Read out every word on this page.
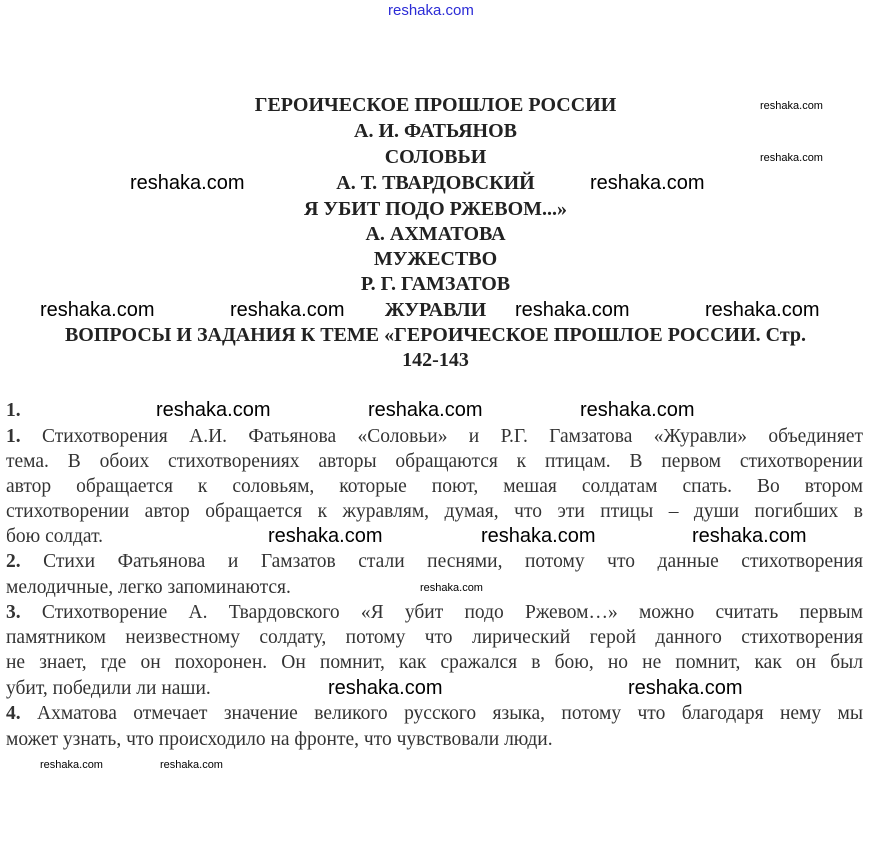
reshaka.com
ГЕРОИЧЕСКОЕ ПРОШЛОЕ РОССИИ
А. И. ФАТЬЯНОВ
СОЛОВЬИ
А. Т. ТВАРДОВСКИЙ
Я УБИТ ПОДО РЖЕВОМ...»
А. АХМАТОВА
МУЖЕСТВО
Р. Г. ГАМЗАТОВ
ЖУРАВЛИ
ВОПРОСЫ И ЗАДАНИЯ К ТЕМЕ «ГЕРОИЧЕСКОЕ ПРОШЛОЕ РОССИИ. Стр.
142-143
1.
1. Стихотворения А.И. Фатьянова «Соловьи» и Р.Г. Гамзатова «Журавли» объединяет
тема. В обоих стихотворениях авторы обращаются к птицам. В первом стихотворении
автор обращается к соловьям, которые поют, мешая солдатам спать. Во втором
стихотворении автор обращается к журавлям, думая, что эти птицы – души погибших в
бою солдат.
2. Стихи Фатьянова и Гамзатов стали песнями, потому что данные стихотворения
мелодичные, легко запоминаются.
3. Стихотворение А. Твардовского «Я убит подо Ржевом…» можно считать первым
памятником неизвестному солдату, потому что лирический герой данного стихотворения
не знает, где он похоронен. Он помнит, как сражался в бою, но не помнит, как он был
убит, победили ли наши.
4. Ахматова отмечает значение великого русского языка, потому что благодаря нему мы
может узнать, что происходило на фронте, что чувствовали люди.
reshaka.com
reshaka.com
reshaka.com	reshaka.com
reshaka.com	reshaka.com	reshaka.com	reshaka.com
reshaka.com	reshaka.com	reshaka.com
reshaka.com	reshaka.com	reshaka.com
reshaka.com
reshaka.com	reshaka.com
reshaka.com	reshaka.com
